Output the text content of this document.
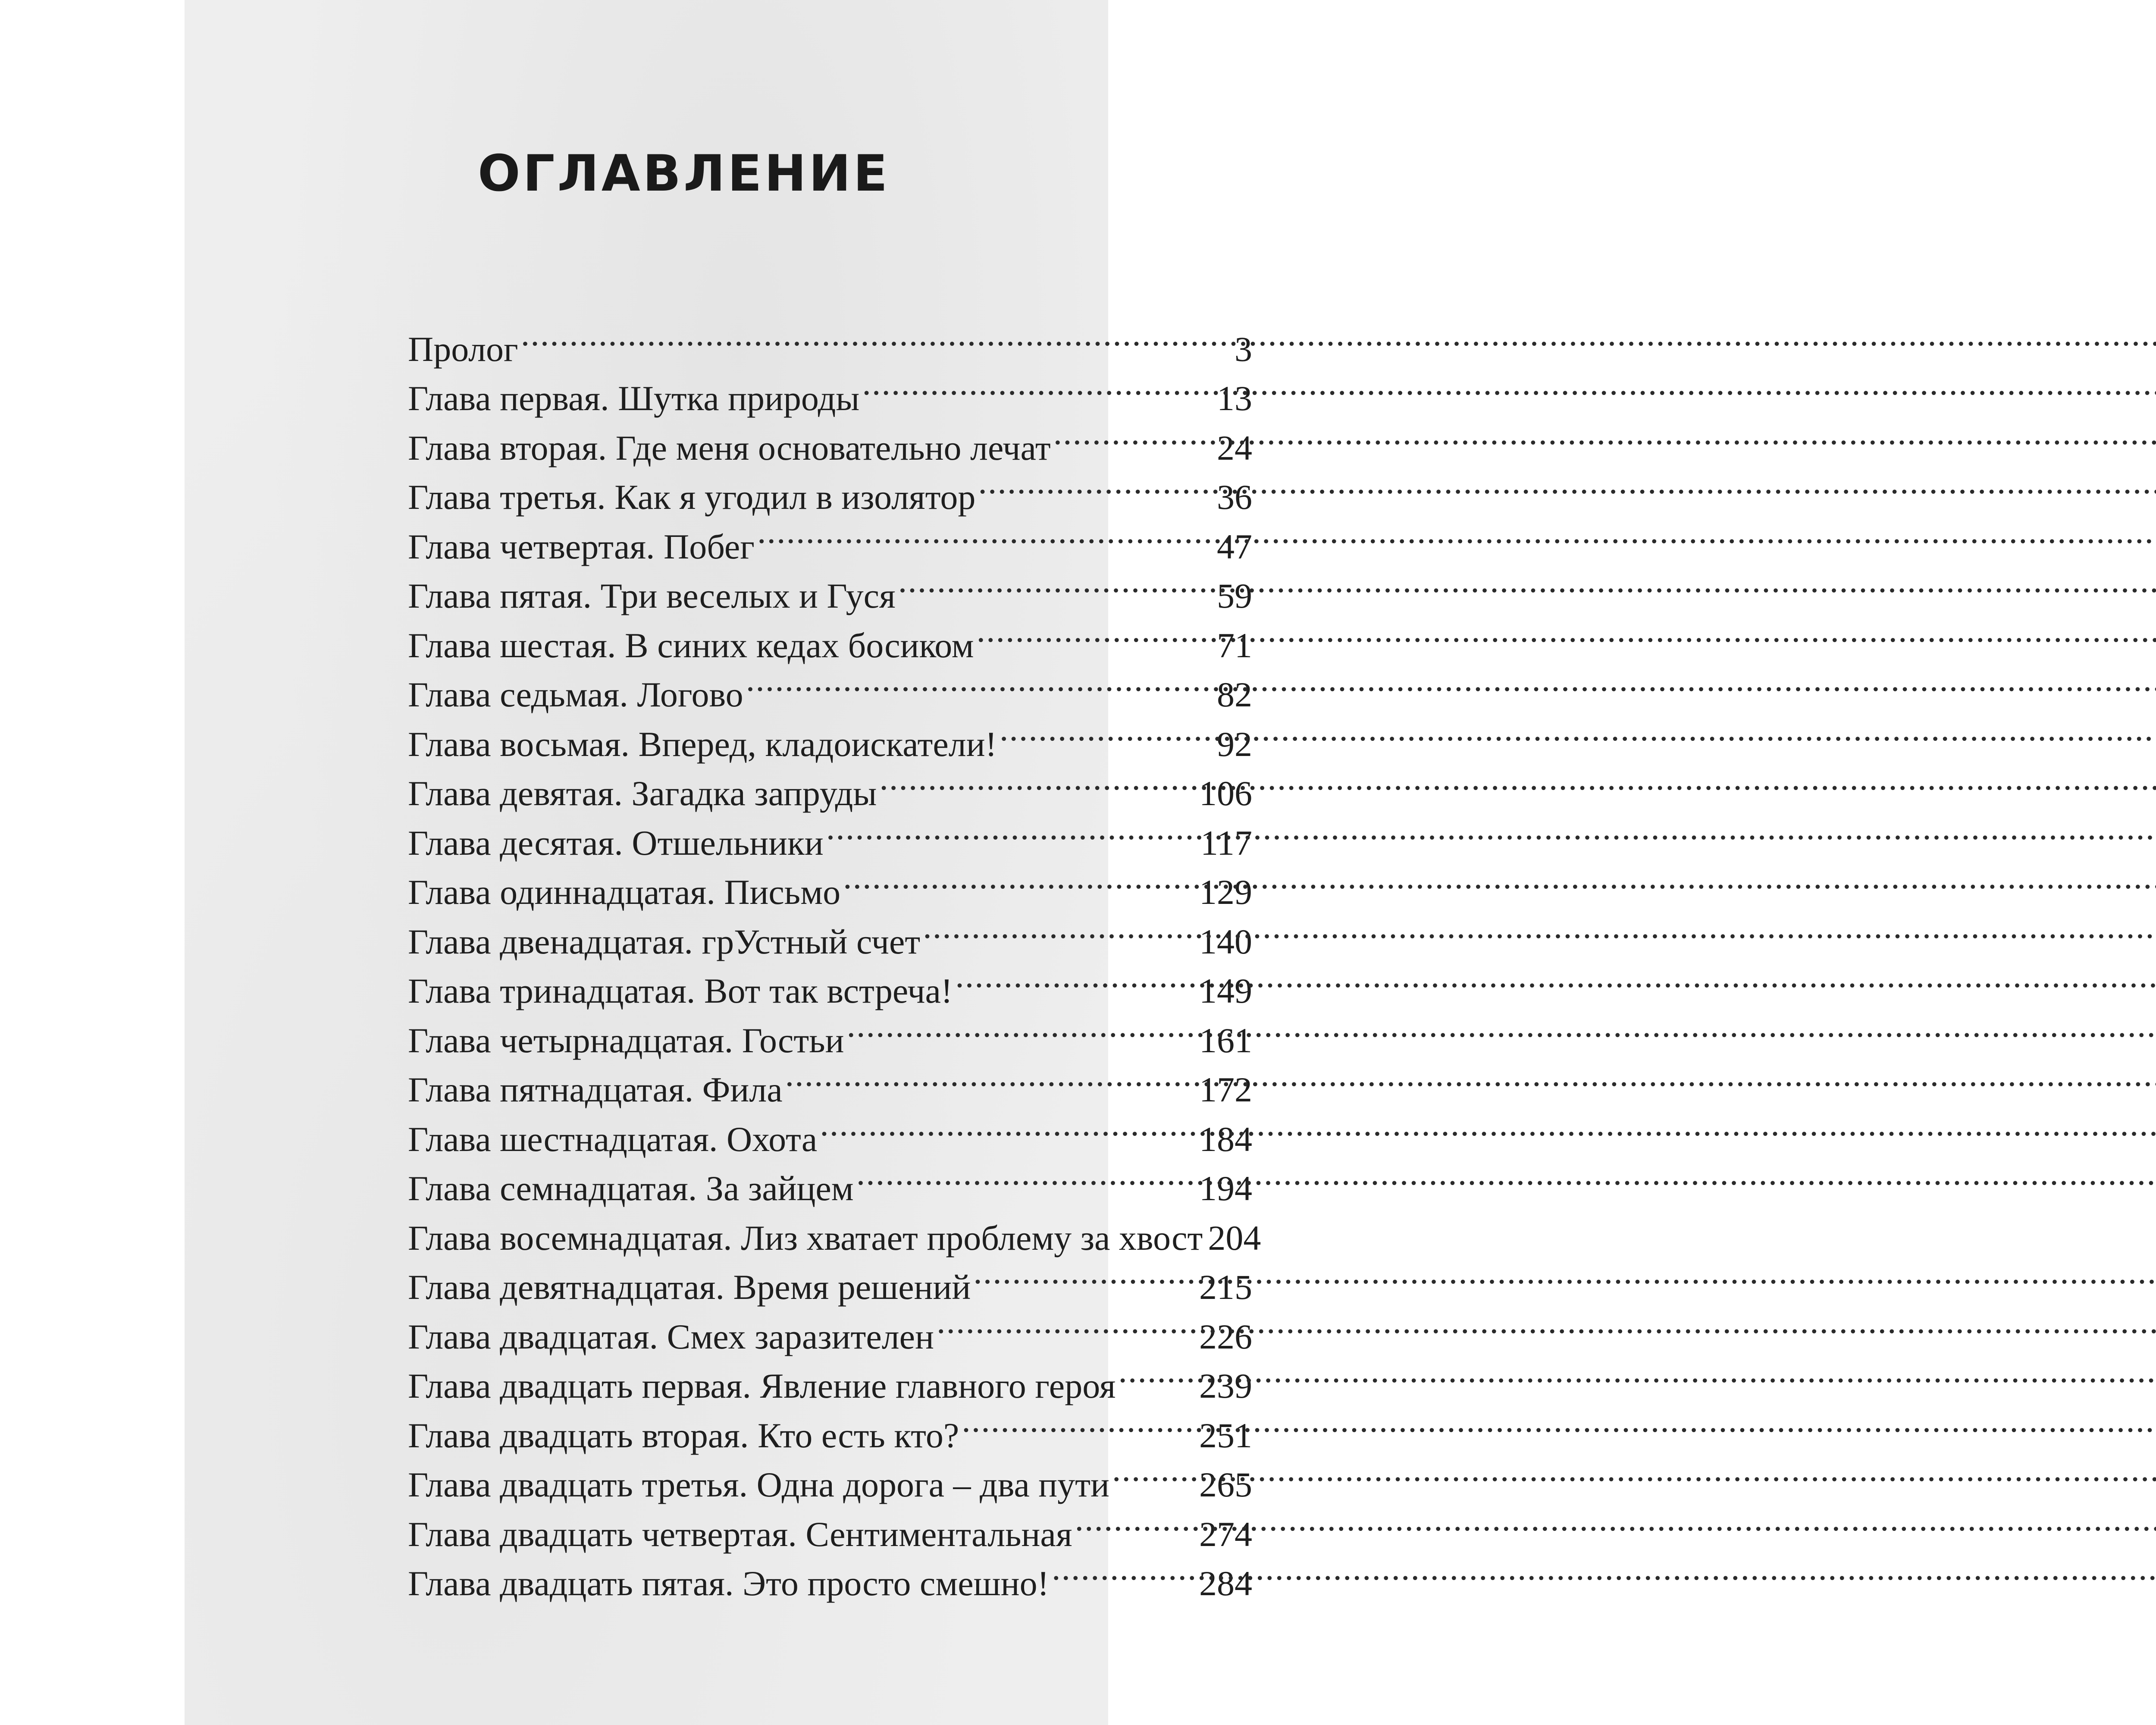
ОГЛАВЛЕНИЕ
Пролог .....	3
Глава первая. Шутка природы .....	13
Глава вторая. Где меня основательно лечат .....	24
Глава третья. Как я угодил в изолятор .....	36
Глава четвертая. Побег .....	47
Глава пятая. Три веселых и Гуся .....	59
Глава шестая. В синих кедах босиком .....	71
Глава седьмая. Логово .....	82
Глава восьмая. Вперед, кладоискатели! .....	92
Глава девятая. Загадка запруды .....	106
Глава десятая. Отшельники .....	117
Глава одиннадцатая. Письмо .....	129
Глава двенадцатая. грУстный счет .....	140
Глава тринадцатая. Вот так встреча! .....	149
Глава четырнадцатая. Гостьи .....	161
Глава пятнадцатая. Фила .....	172
Глава шестнадцатая. Охота .....	184
Глава семнадцатая. За зайцем .....	194
Глава восемнадцатая. Лиз хватает проблему за хвост 204
Глава девятнадцатая. Время решений .....	215
Глава двадцатая. Смех заразителен .....	226
Глава двадцать первая. Явление главного героя ..... 239
Глава двадцать вторая. Кто есть кто? .....	251
Глава двадцать третья. Одна дорога – два пути .....	265
Глава двадцать четвертая. Сентиментальная .....	274
Глава двадцать пятая. Это просто смешно! .....	284
